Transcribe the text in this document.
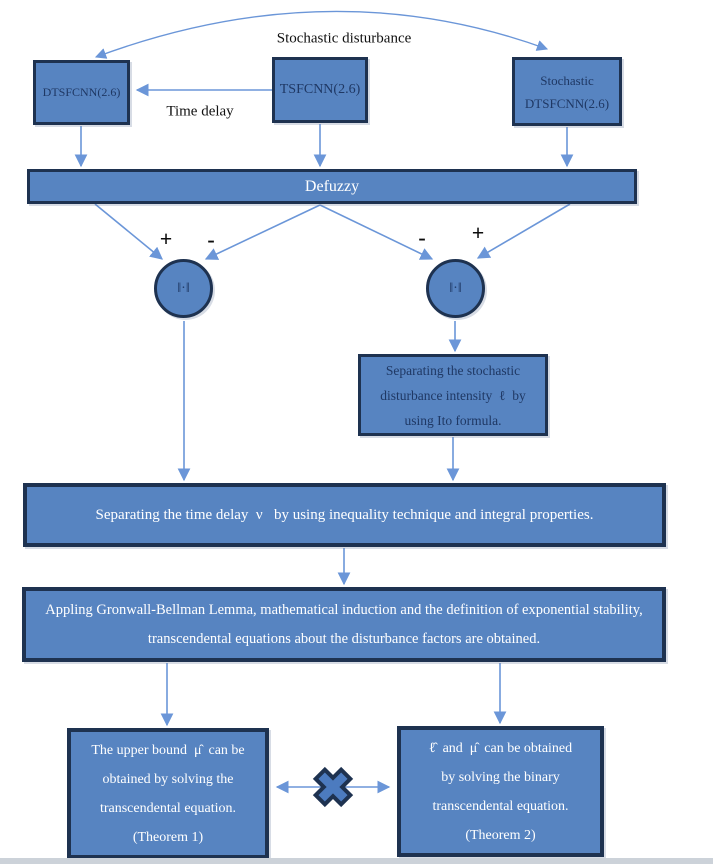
Stochastic disturbance
Time delay
DTSFCNN(2.6)	TSFCNN(2.6)
Stochastic
DTSFCNN(2.6)
Defuzzy
+ -	- +
‖·‖	‖·‖
Separating the stochastic
disturbance intensity ℓ by
using Ito formula.
Separating the time delay ν  by using inequality technique and integral properties.
Appling Gronwall-Bellman Lemma, mathematical induction and the definition of exponential stability,
transcendental equations about the disturbance factors are obtained.
The upper bound μ̂ can be
obtained by solving the
transcendental equation.
(Theorem 1)
ℓ̂ and μ̂ can be obtained
by solving the binary
transcendental equation.
(Theorem 2)
